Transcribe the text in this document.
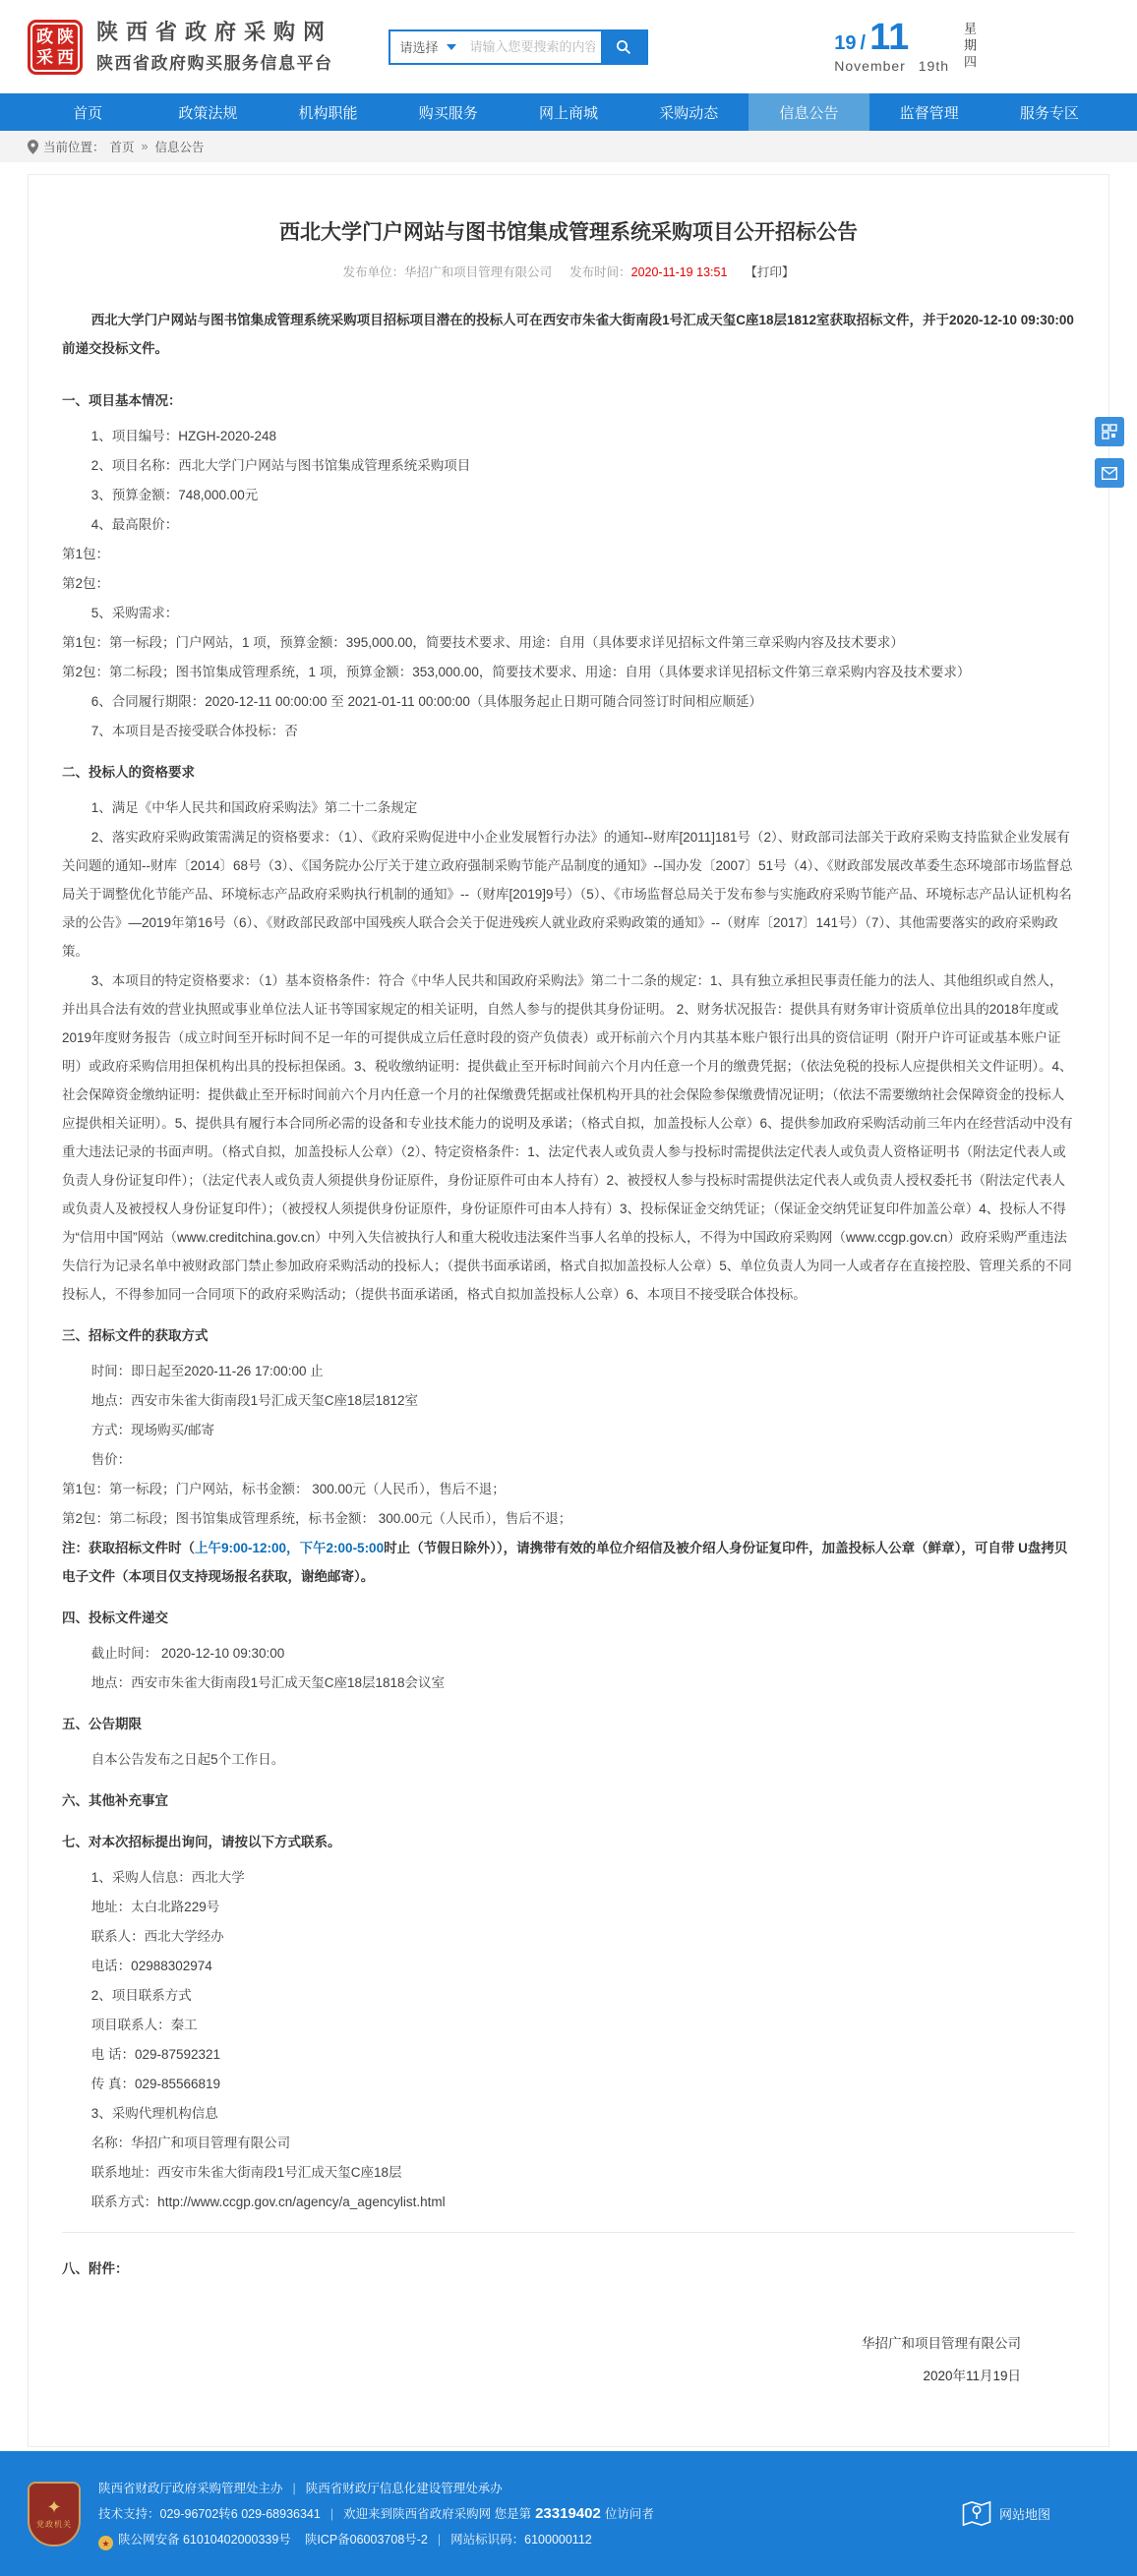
政 陕
采 西
陕西省政府采购网
陕西省政府购买服务信息平台
请选择
请输入您要搜索的内容	19 / 11
November 19th 星期四
首页	政策法规	机构职能	购买服务	网上商城	采购动态	信息公告	监督管理	服务专区
当前位置： 首页 » 信息公告
西北大学门户网站与图书馆集成管理系统采购项目公开招标公告
发布单位：华招广和项目管理有限公司 发布时间：2020-11-19 13:51 【打印】
西北大学门户网站与图书馆集成管理系统采购项目招标项目潜在的投标人可在西安市朱雀大街南段1号汇成天玺C座18层1812室获取招标文件，并于2020-12-10 09:30:00前递交投标文件。
一、项目基本情况：
1、项目编号：HZGH-2020-248
2、项目名称：西北大学门户网站与图书馆集成管理系统采购项目
3、预算金额：748,000.00元
4、最高限价：
第1包：
第2包：
5、采购需求：
第1包：第一标段；门户网站，1 项，预算金额：395,000.00，简要技术要求、用途：自用（具体要求详见招标文件第三章采购内容及技术要求）
第2包：第二标段；图书馆集成管理系统，1 项，预算金额：353,000.00，简要技术要求、用途：自用（具体要求详见招标文件第三章采购内容及技术要求）
6、合同履行期限：2020-12-11 00:00:00 至 2021-01-11 00:00:00（具体服务起止日期可随合同签订时间相应顺延）
7、本项目是否接受联合体投标：否
二、投标人的资格要求
1、满足《中华人民共和国政府采购法》第二十二条规定
2、落实政府采购政策需满足的资格要求：（1）、《政府采购促进中小企业发展暂行办法》的通知--财库[2011]181号（2）、财政部司法部关于政府采购支持监狱企业发展有关问题的通知--财库〔2014〕68号（3）、《国务院办公厅关于建立政府强制采购节能产品制度的通知》--国办发〔2007〕51号（4）、《财政部发展改革委生态环境部市场监督总局关于调整优化节能产品、环境标志产品政府采购执行机制的通知》--（财库[2019]9号）（5）、《市场监督总局关于发布参与实施政府采购节能产品、环境标志产品认证机构名录的公告》—2019年第16号（6）、《财政部民政部中国残疾人联合会关于促进残疾人就业政府采购政策的通知》--（财库〔2017〕141号）（7）、其他需要落实的政府采购政策。
3、本项目的特定资格要求：（1）基本资格条件：符合《中华人民共和国政府采购法》第二十二条的规定：1、具有独立承担民事责任能力的法人、其他组织或自然人，并出具合法有效的营业执照或事业单位法人证书等国家规定的相关证明，自然人参与的提供其身份证明。 2、财务状况报告：提供具有财务审计资质单位出具的2018年度或2019年度财务报告（成立时间至开标时间不足一年的可提供成立后任意时段的资产负债表）或开标前六个月内其基本账户银行出具的资信证明（附开户许可证或基本账户证明）或政府采购信用担保机构出具的投标担保函。3、税收缴纳证明：提供截止至开标时间前六个月内任意一个月的缴费凭据；（依法免税的投标人应提供相关文件证明）。4、社会保障资金缴纳证明：提供截止至开标时间前六个月内任意一个月的社保缴费凭据或社保机构开具的社会保险参保缴费情况证明；（依法不需要缴纳社会保障资金的投标人应提供相关证明）。5、提供具有履行本合同所必需的设备和专业技术能力的说明及承诺；（格式自拟，加盖投标人公章）6、提供参加政府采购活动前三年内在经营活动中没有重大违法记录的书面声明。（格式自拟，加盖投标人公章）（2）、特定资格条件：1、法定代表人或负责人参与投标时需提供法定代表人或负责人资格证明书（附法定代表人或负责人身份证复印件）；（法定代表人或负责人须提供身份证原件，身份证原件可由本人持有）2、被授权人参与投标时需提供法定代表人或负责人授权委托书（附法定代表人或负责人及被授权人身份证复印件）；（被授权人须提供身份证原件，身份证原件可由本人持有）3、投标保证金交纳凭证；（保证金交纳凭证复印件加盖公章）4、投标人不得为“信用中国”网站（www.creditchina.gov.cn）中列入失信被执行人和重大税收违法案件当事人名单的投标人，不得为中国政府采购网（www.ccgp.gov.cn）政府采购严重违法失信行为记录名单中被财政部门禁止参加政府采购活动的投标人；（提供书面承诺函，格式自拟加盖投标人公章）5、单位负责人为同一人或者存在直接控股、管理关系的不同投标人，不得参加同一合同项下的政府采购活动；（提供书面承诺函，格式自拟加盖投标人公章）6、本项目不接受联合体投标。
三、招标文件的获取方式
时间：即日起至2020-11-26 17:00:00 止
地点：西安市朱雀大街南段1号汇成天玺C座18层1812室
方式：现场购买/邮寄
售价：
第1包：第一标段；门户网站，标书金额： 300.00元（人民币），售后不退；
第2包：第二标段；图书馆集成管理系统，标书金额： 300.00元（人民币），售后不退；
注：获取招标文件时（上午9:00-12:00，下午2:00-5:00时止（节假日除外）），请携带有效的单位介绍信及被介绍人身份证复印件，加盖投标人公章（鲜章），可自带 U盘拷贝电子文件（本项目仅支持现场报名获取，谢绝邮寄）。
四、投标文件递交
截止时间： 2020-12-10 09:30:00
地点：西安市朱雀大街南段1号汇成天玺C座18层1818会议室
五、公告期限
自本公告发布之日起5个工作日。
六、其他补充事宜
七、对本次招标提出询问，请按以下方式联系。
1、采购人信息：西北大学
地址：太白北路229号
联系人：西北大学经办
电话：02988302974
2、项目联系方式
项目联系人：秦工
电 话：029-87592321
传 真：029-85566819
3、采购代理机构信息
名称：华招广和项目管理有限公司
联系地址：西安市朱雀大街南段1号汇成天玺C座18层
联系方式：http://www.ccgp.gov.cn/agency/a_agencylist.html
八、附件：
华招广和项目管理有限公司
2020年11月19日
✦
党政机关
陕西省财政厅政府采购管理处主办 | 陕西省财政厅信息化建设管理处承办
技术支持：029-96702转6 029-68936341 | 欢迎来到陕西省政府采购网 您是第 23319402 位访问者
★ 陕公网安备 61010402000339号 陕ICP备06003708号-2 | 网站标识码：6100000112
网站地图
